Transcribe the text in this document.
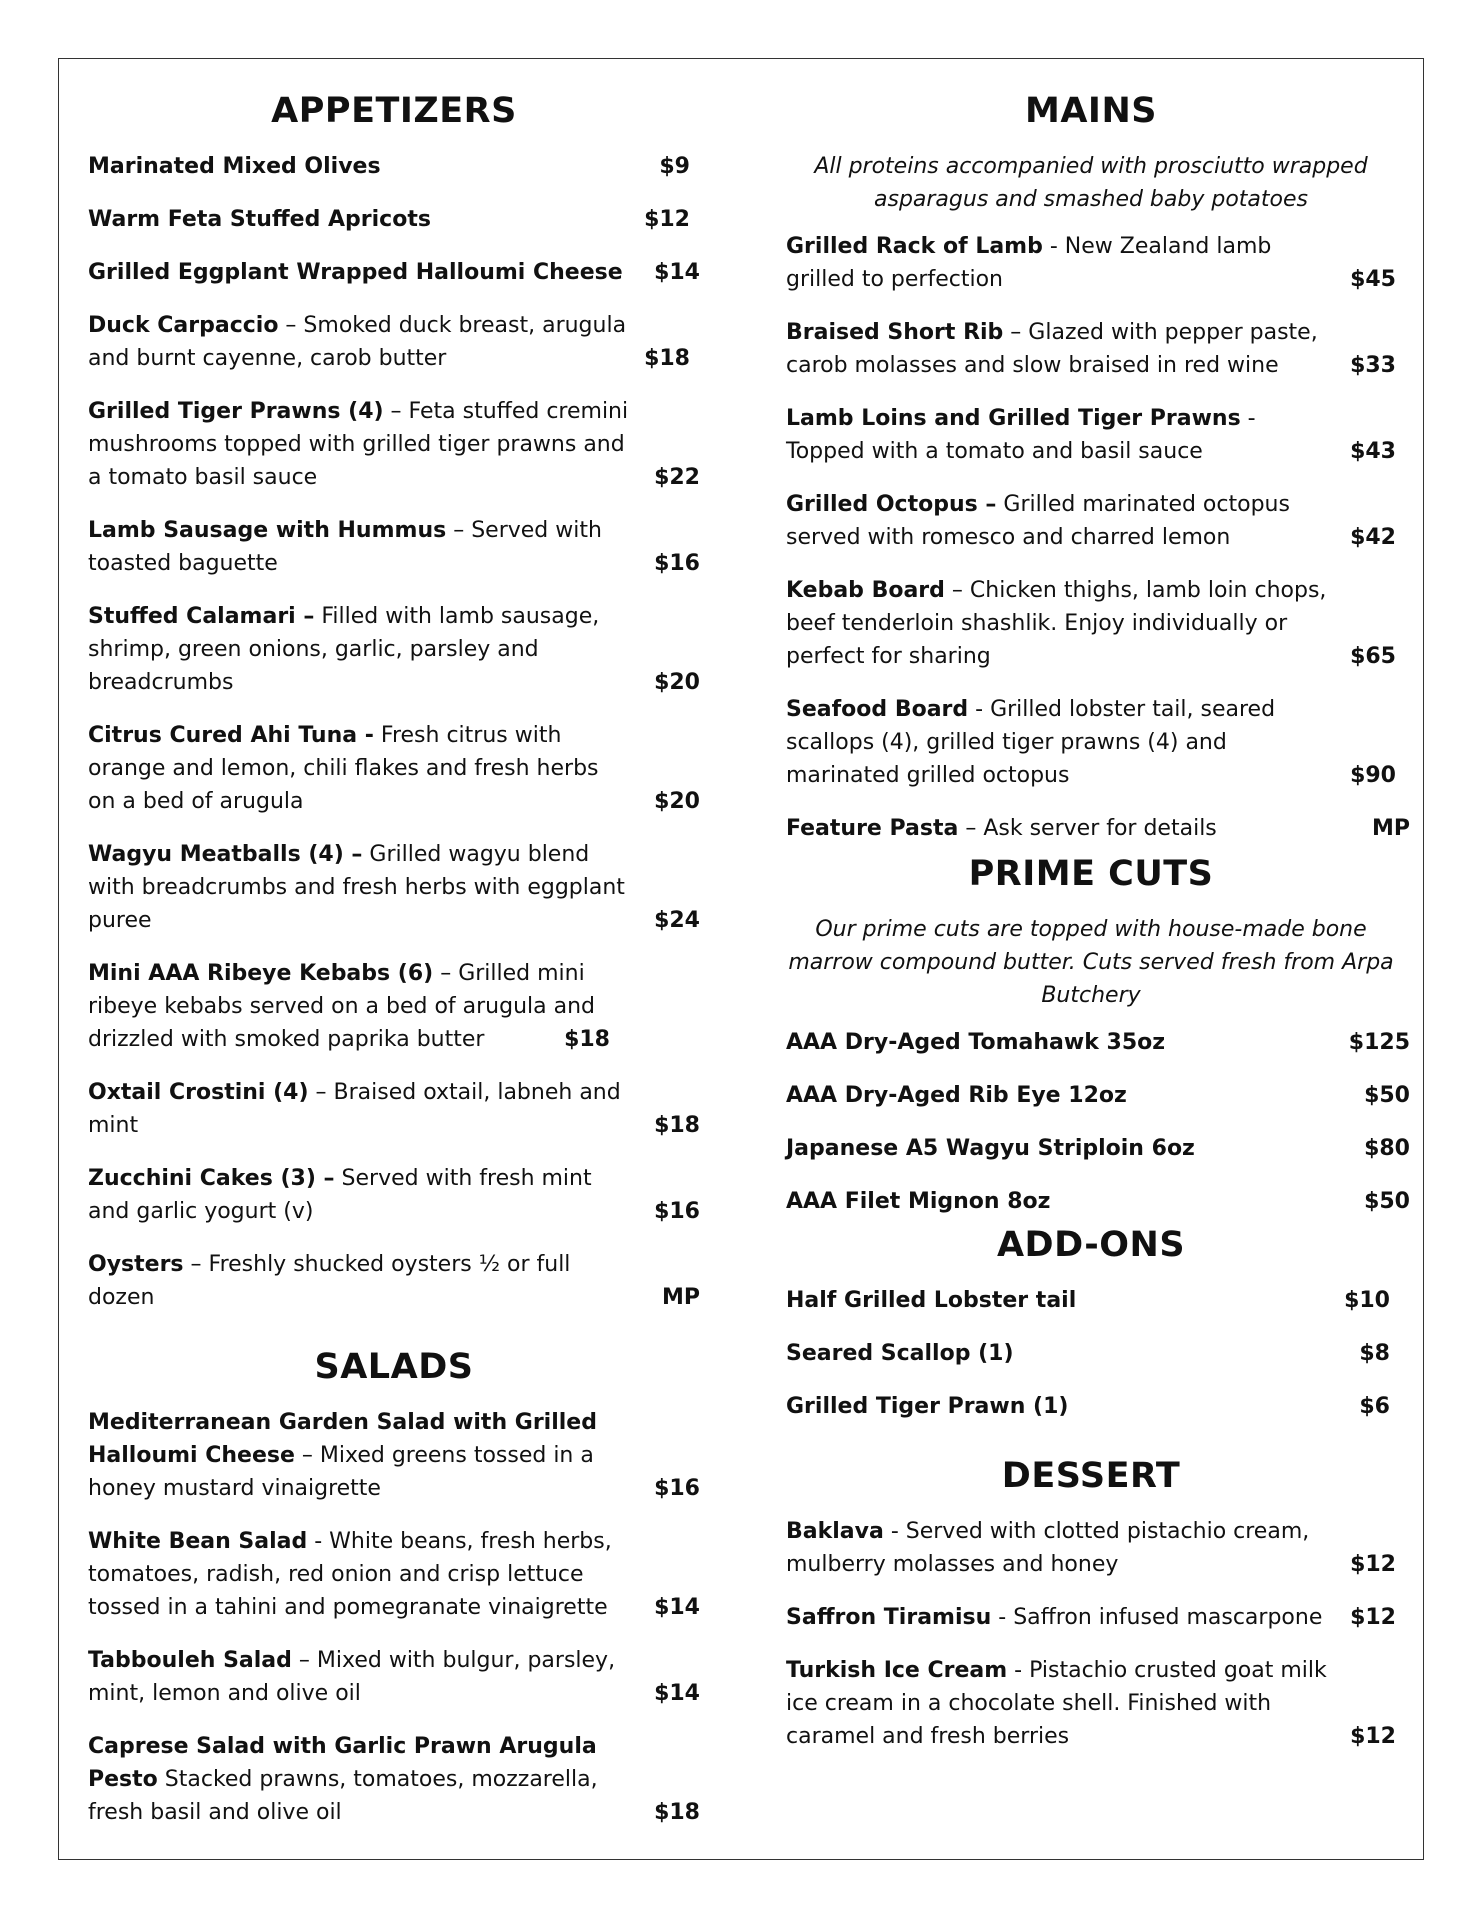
APPETIZERS
Marinated Mixed Olives	$9
Warm Feta Stuffed Apricots	$12
Grilled Eggplant Wrapped Halloumi Cheese $14
Duck Carpaccio – Smoked duck breast, arugula and burnt cayenne, carob butter	$18
Grilled Tiger Prawns (4) – Feta stuffed cremini mushrooms topped with grilled tiger prawns and a tomato basil sauce	$22
Lamb Sausage with Hummus – Served with toasted baguette	$16
Stuffed Calamari – Filled with lamb sausage, shrimp, green onions, garlic, parsley and breadcrumbs	$20
Citrus Cured Ahi Tuna - Fresh citrus with orange and lemon, chili flakes and fresh herbs on a bed of arugula	$20
Wagyu Meatballs (4) – Grilled wagyu blend with breadcrumbs and fresh herbs with eggplant puree	$24
Mini AAA Ribeye Kebabs (6) – Grilled mini ribeye kebabs served on a bed of arugula and drizzled with smoked paprika butter	$18
Oxtail Crostini (4) – Braised oxtail, labneh and mint	$18
Zucchini Cakes (3) – Served with fresh mint and garlic yogurt (v)	$16
Oysters – Freshly shucked oysters ½ or full dozen	MP
SALADS
Mediterranean Garden Salad with Grilled Halloumi Cheese – Mixed greens tossed in a honey mustard vinaigrette	$16
White Bean Salad - White beans, fresh herbs, tomatoes, radish, red onion and crisp lettuce tossed in a tahini and pomegranate vinaigrette $14
Tabbouleh Salad – Mixed with bulgur, parsley, mint, lemon and olive oil	$14
Caprese Salad with Garlic Prawn Arugula Pesto Stacked prawns, tomatoes, mozzarella, fresh basil and olive oil	$18
MAINS
All proteins accompanied with prosciutto wrapped asparagus and smashed baby potatoes
Grilled Rack of Lamb - New Zealand lamb grilled to perfection	$45
Braised Short Rib – Glazed with pepper paste, carob molasses and slow braised in red wine	$33
Lamb Loins and Grilled Tiger Prawns - Topped with a tomato and basil sauce	$43
Grilled Octopus – Grilled marinated octopus served with romesco and charred lemon	$42
Kebab Board – Chicken thighs, lamb loin chops, beef tenderloin shashlik. Enjoy individually or perfect for sharing	$65
Seafood Board - Grilled lobster tail, seared scallops (4), grilled tiger prawns (4) and marinated grilled octopus	$90
Feature Pasta – Ask server for details	MP
PRIME CUTS
Our prime cuts are topped with house-made bone marrow compound butter. Cuts served fresh from Arpa Butchery
AAA Dry-Aged Tomahawk 35oz	$125
AAA Dry-Aged Rib Eye 12oz	$50
Japanese A5 Wagyu Striploin 6oz	$80
AAA Filet Mignon 8oz	$50
ADD-ONS
Half Grilled Lobster tail	$10
Seared Scallop (1)	$8
Grilled Tiger Prawn (1)	$6
DESSERT
Baklava - Served with clotted pistachio cream, mulberry molasses and honey	$12
Saffron Tiramisu - Saffron infused mascarpone $12
Turkish Ice Cream - Pistachio crusted goat milk ice cream in a chocolate shell. Finished with caramel and fresh berries	$12
